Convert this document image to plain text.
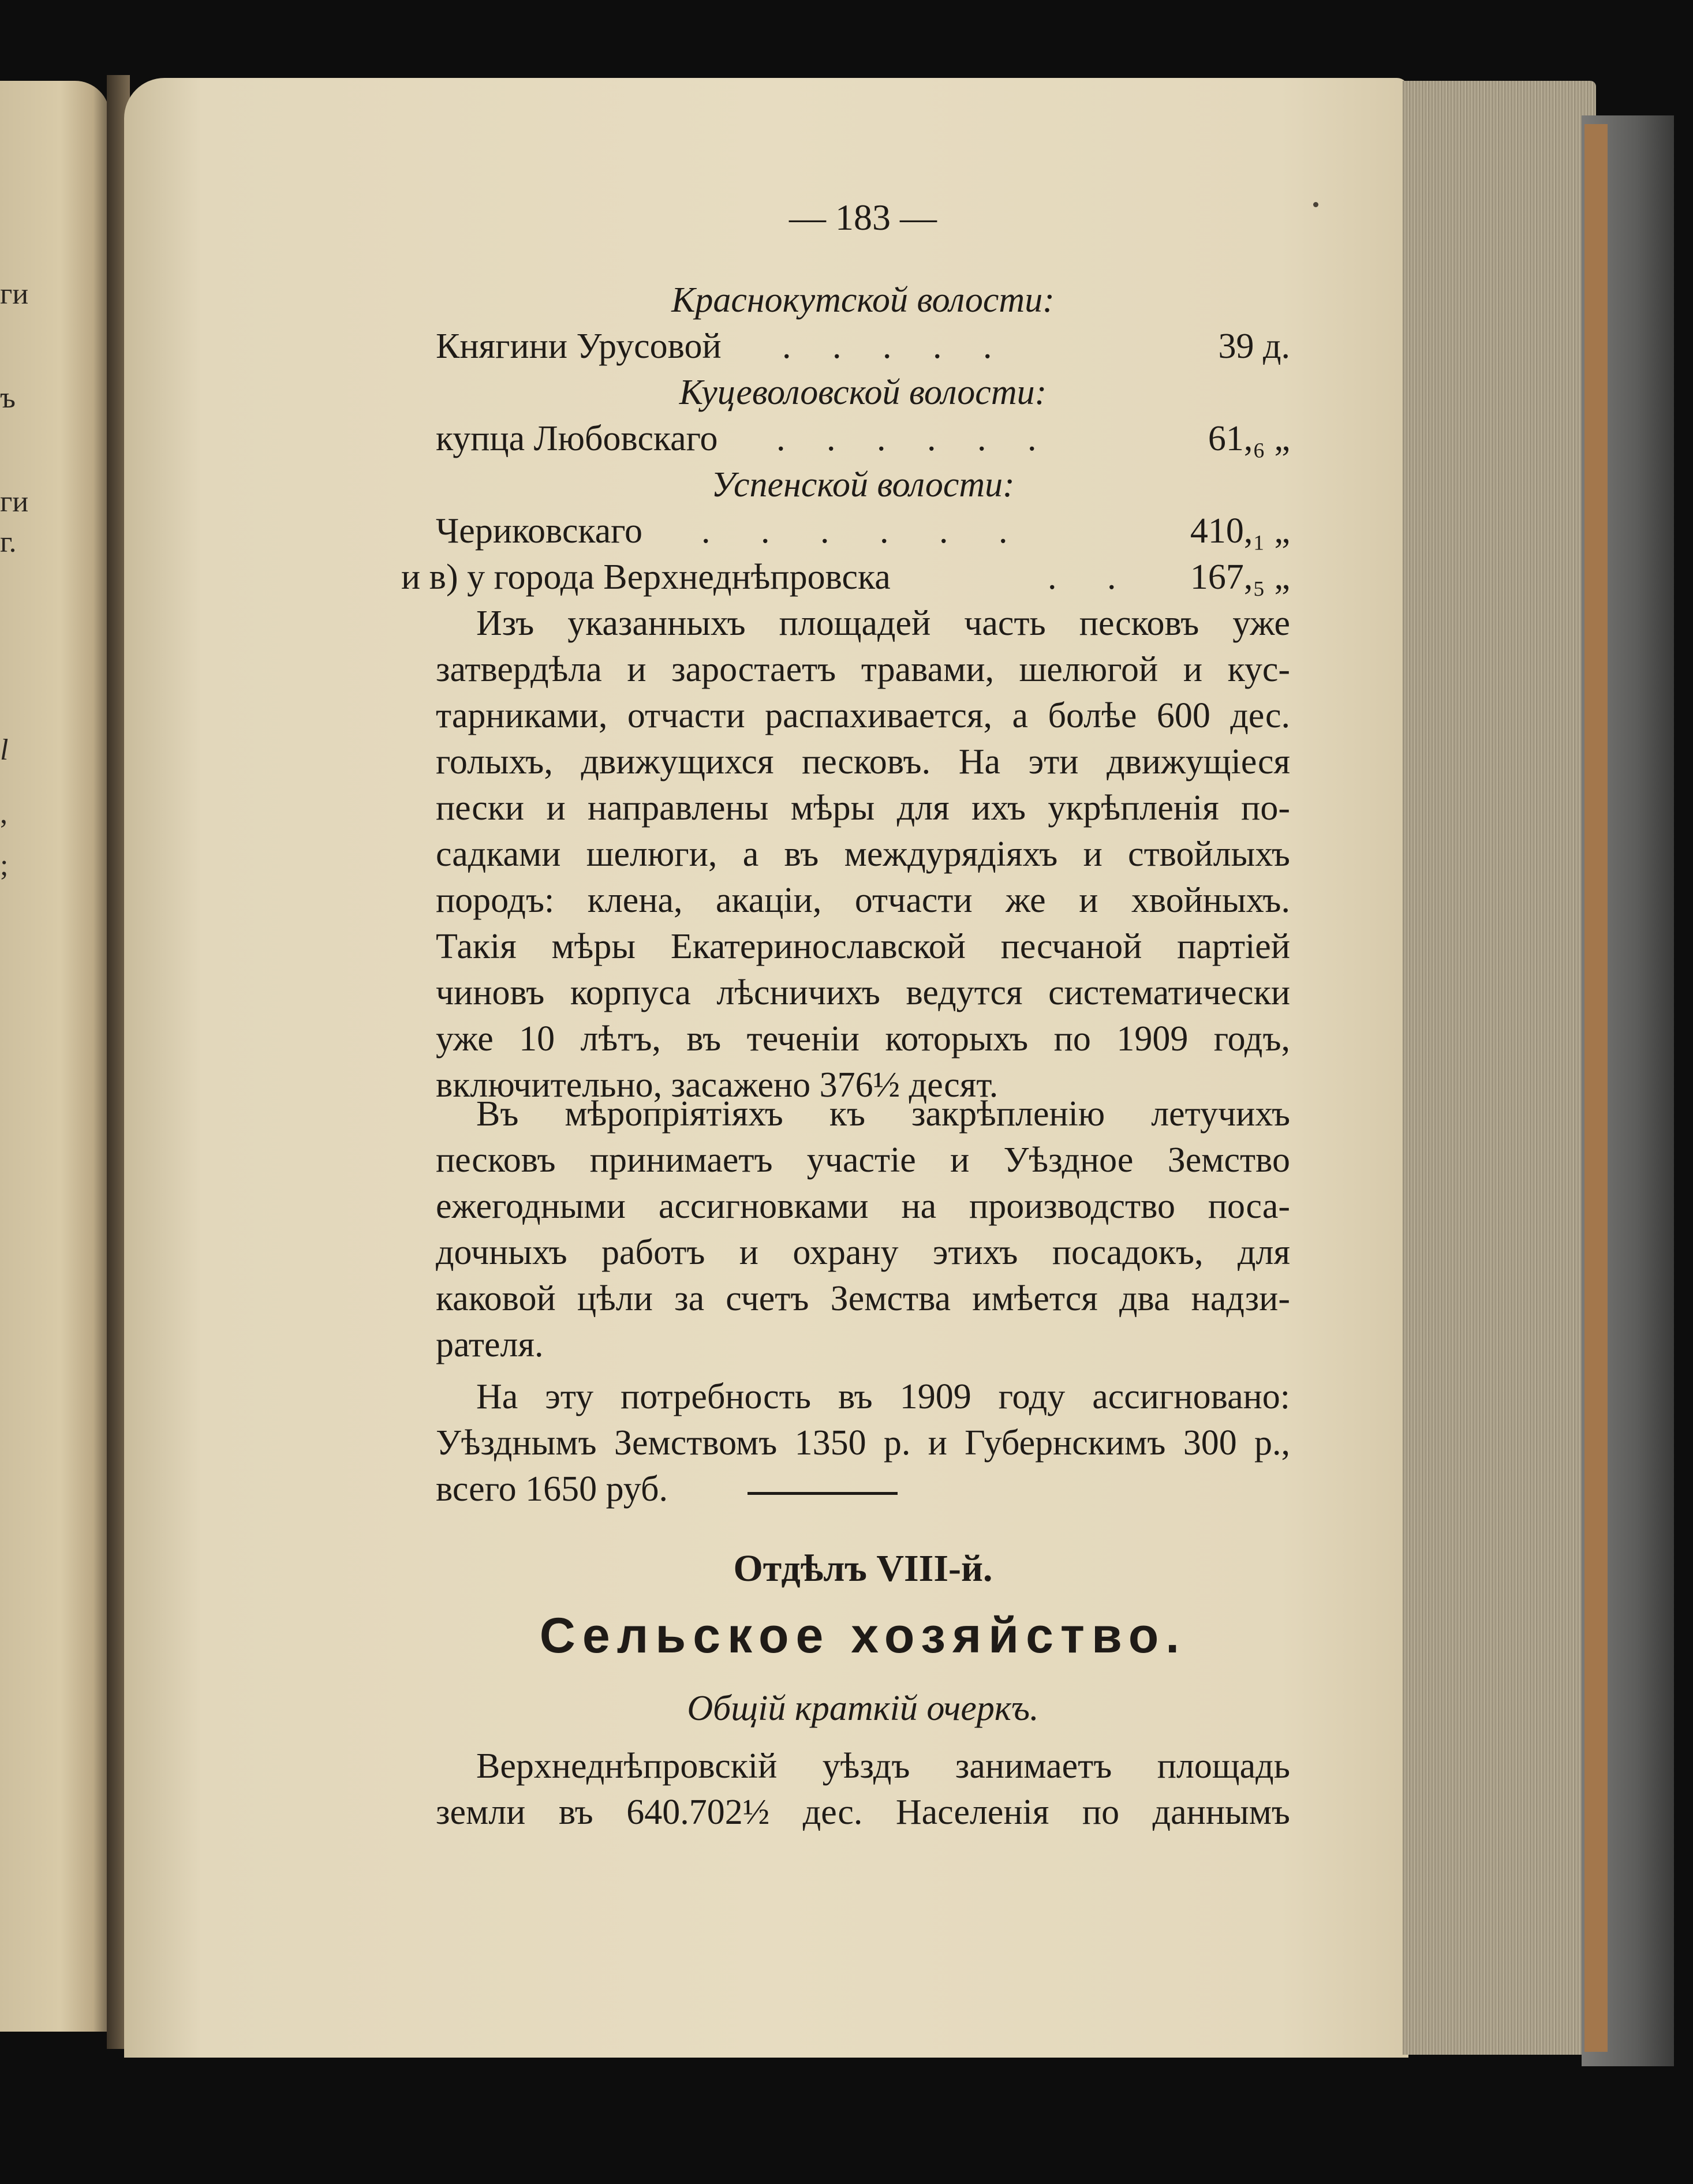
ги
ъ
ги
г.
l
,
;
— 183 —
Краснокутской волости:
Княгини Урусовой . . . . .	39 д.
Куцеволовской волости:
купца Любовскаго . . . . . .	61,₆ „
Успенской волости:
Чериковскаго . . . . . .	410,₁ „
и в) у города Верхнеднѣпровска	. . 167,₅ „
Изъ указанныхъ площадей часть песковъ уже
затвердѣла и заростаетъ травами, шелюгой и кус-
тарниками, отчасти распахивается, а болѣе 600 дес.
голыхъ, движущихся песковъ. На эти движущіеся
пески и направлены мѣры для ихъ укрѣпленія по-
садками шелюги, а въ междурядіяхъ и ствойлыхъ
породъ: клена, акаціи, отчасти же и хвойныхъ.
Такія мѣры Екатеринославской песчаной партіей
чиновъ корпуса лѣсничихъ ведутся систематически
уже 10 лѣтъ, въ теченіи которыхъ по 1909 годъ,
включительно, засажено 376½ десят.
Въ мѣропріятіяхъ къ закрѣпленію летучихъ
песковъ принимаетъ участіе и Уѣздное Земство
ежегодными ассигновками на производство поса-
дочныхъ работъ и охрану этихъ посадокъ, для
каковой цѣли за счетъ Земства имѣется два надзи-
рателя.
На эту потребность въ 1909 году ассигновано:
Уѣзднымъ Земствомъ 1350 р. и Губернскимъ 300 р.,
всего 1650 руб.
Отдѣлъ VIII-й.
Сельское хозяйство.
Общій краткій очеркъ.
Верхнеднѣпровскій уѣздъ занимаетъ площадь
земли въ 640.702½ дес. Населенія по даннымъ
